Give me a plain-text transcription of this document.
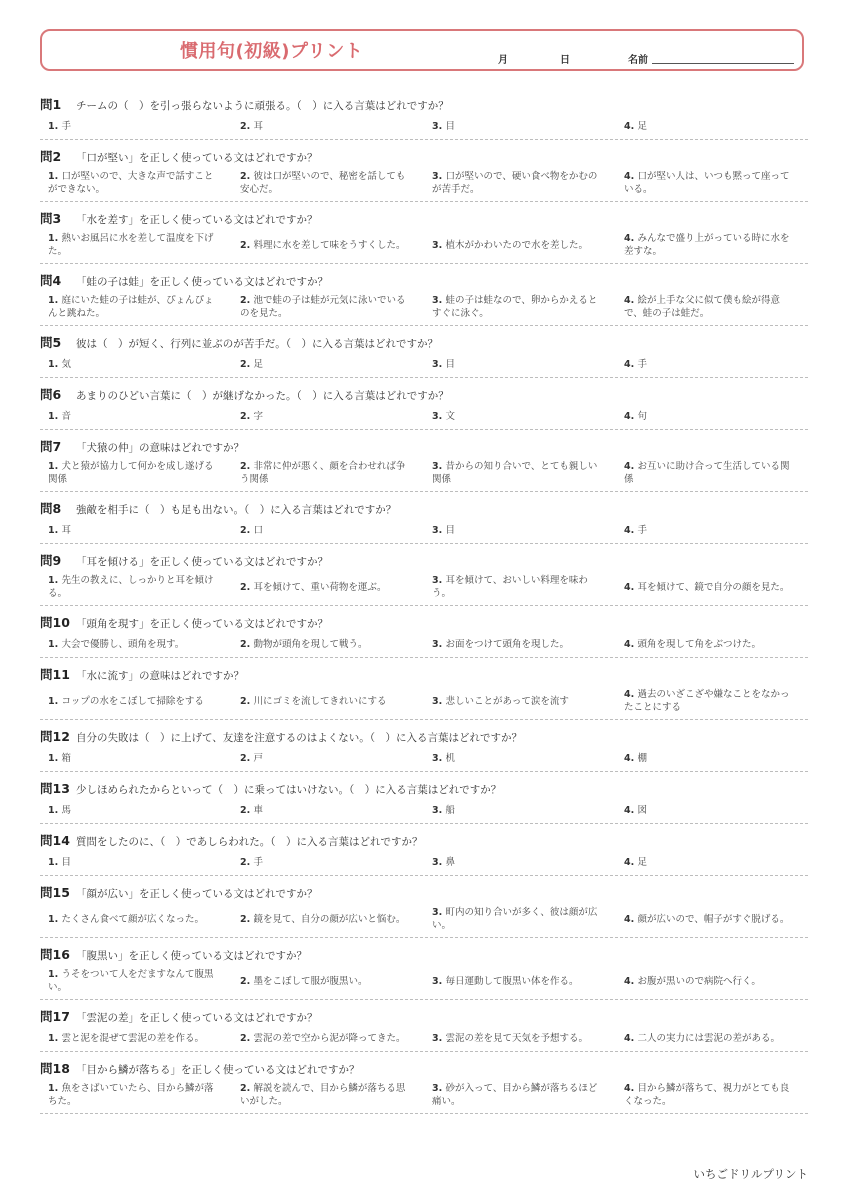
慣用句(初級)プリント	月	日	名前
問1	チームの（　）を引っ張らないように頑張る。（　）に入る言葉はどれですか？
1. 手	2. 耳	3. 目	4. 足
問2	「口が堅い」を正しく使っている文はどれですか？
1. 口が堅いので、大きな声で話すことができない。
2. 彼は口が堅いので、秘密を話しても安心だ。
3. 口が堅いので、硬い食べ物をかむのが苦手だ。
4. 口が堅い人は、いつも黙って座っている。
問3	「水を差す」を正しく使っている文はどれですか？
1. 熱いお風呂に水を差して温度を下げた。
2. 料理に水を差して味をうすくした。	3. 植木がかわいたので水を差した。
4. みんなで盛り上がっている時に水を差すな。
問4	「蛙の子は蛙」を正しく使っている文はどれですか？
1. 庭にいた蛙の子は蛙が、ぴょんぴょんと跳ねた。
2. 池で蛙の子は蛙が元気に泳いでいるのを見た。
3. 蛙の子は蛙なので、卵からかえるとすぐに泳ぐ。
4. 絵が上手な父に似て僕も絵が得意で、蛙の子は蛙だ。
問5	彼は（　）が短く、行列に並ぶのが苦手だ。（　）に入る言葉はどれですか？
1. 気	2. 足	3. 目	4. 手
問6	あまりのひどい言葉に（　）が継げなかった。（　）に入る言葉はどれですか？
1. 音	2. 字	3. 文	4. 句
問7	「犬猿の仲」の意味はどれですか？
1. 犬と猿が協力して何かを成し遂げる関係
2. 非常に仲が悪く、顔を合わせれば争う関係
3. 昔からの知り合いで、とても親しい関係
4. お互いに助け合って生活している関係
問8	強敵を相手に（　）も足も出ない。（　）に入る言葉はどれですか？
1. 耳	2. 口	3. 目	4. 手
問9	「耳を傾ける」を正しく使っている文はどれですか？
1. 先生の教えに、しっかりと耳を傾ける。
2. 耳を傾けて、重い荷物を運ぶ。
3. 耳を傾けて、おいしい料理を味わう。
4. 耳を傾けて、鏡で自分の顔を見た。
問10 「頭角を現す」を正しく使っている文はどれですか？
1. 大会で優勝し、頭角を現す。	2. 動物が頭角を現して戦う。	3. お面をつけて頭角を現した。	4. 頭角を現して角をぶつけた。
問11 「水に流す」の意味はどれですか？
1. コップの水をこぼして掃除をする	2. 川にゴミを流してきれいにする	3. 悲しいことがあって涙を流す
4. 過去のいざこざや嫌なことをなかったことにする
問12 自分の失敗は（　）に上げて、友達を注意するのはよくない。（　）に入る言葉はどれですか？
1. 箱	2. 戸	3. 机	4. 棚
問13 少しほめられたからといって（　）に乗ってはいけない。（　）に入る言葉はどれですか？
1. 馬	2. 車	3. 船	4. 図
問14 質問をしたのに、（　）であしらわれた。（　）に入る言葉はどれですか？
1. 目	2. 手	3. 鼻	4. 足
問15 「顔が広い」を正しく使っている文はどれですか？
1. たくさん食べて顔が広くなった。	2. 鏡を見て、自分の顔が広いと悩む。
3. 町内の知り合いが多く、彼は顔が広い。
4. 顔が広いので、帽子がすぐ脱げる。
問16 「腹黒い」を正しく使っている文はどれですか？
1. うそをついて人をだますなんて腹黒い。
2. 墨をこぼして服が腹黒い。	3. 毎日運動して腹黒い体を作る。	4. お腹が黒いので病院へ行く。
問17 「雲泥の差」を正しく使っている文はどれですか？
1. 雲と泥を混ぜて雲泥の差を作る。	2. 雲泥の差で空から泥が降ってきた。	3. 雲泥の差を見て天気を予想する。	4. 二人の実力には雲泥の差がある。
問18 「目から鱗が落ちる」を正しく使っている文はどれですか？
1. 魚をさばいていたら、目から鱗が落ちた。
2. 解説を読んで、目から鱗が落ちる思いがした。
3. 砂が入って、目から鱗が落ちるほど痛い。
4. 目から鱗が落ちて、視力がとても良くなった。
いちごドリルプリント
